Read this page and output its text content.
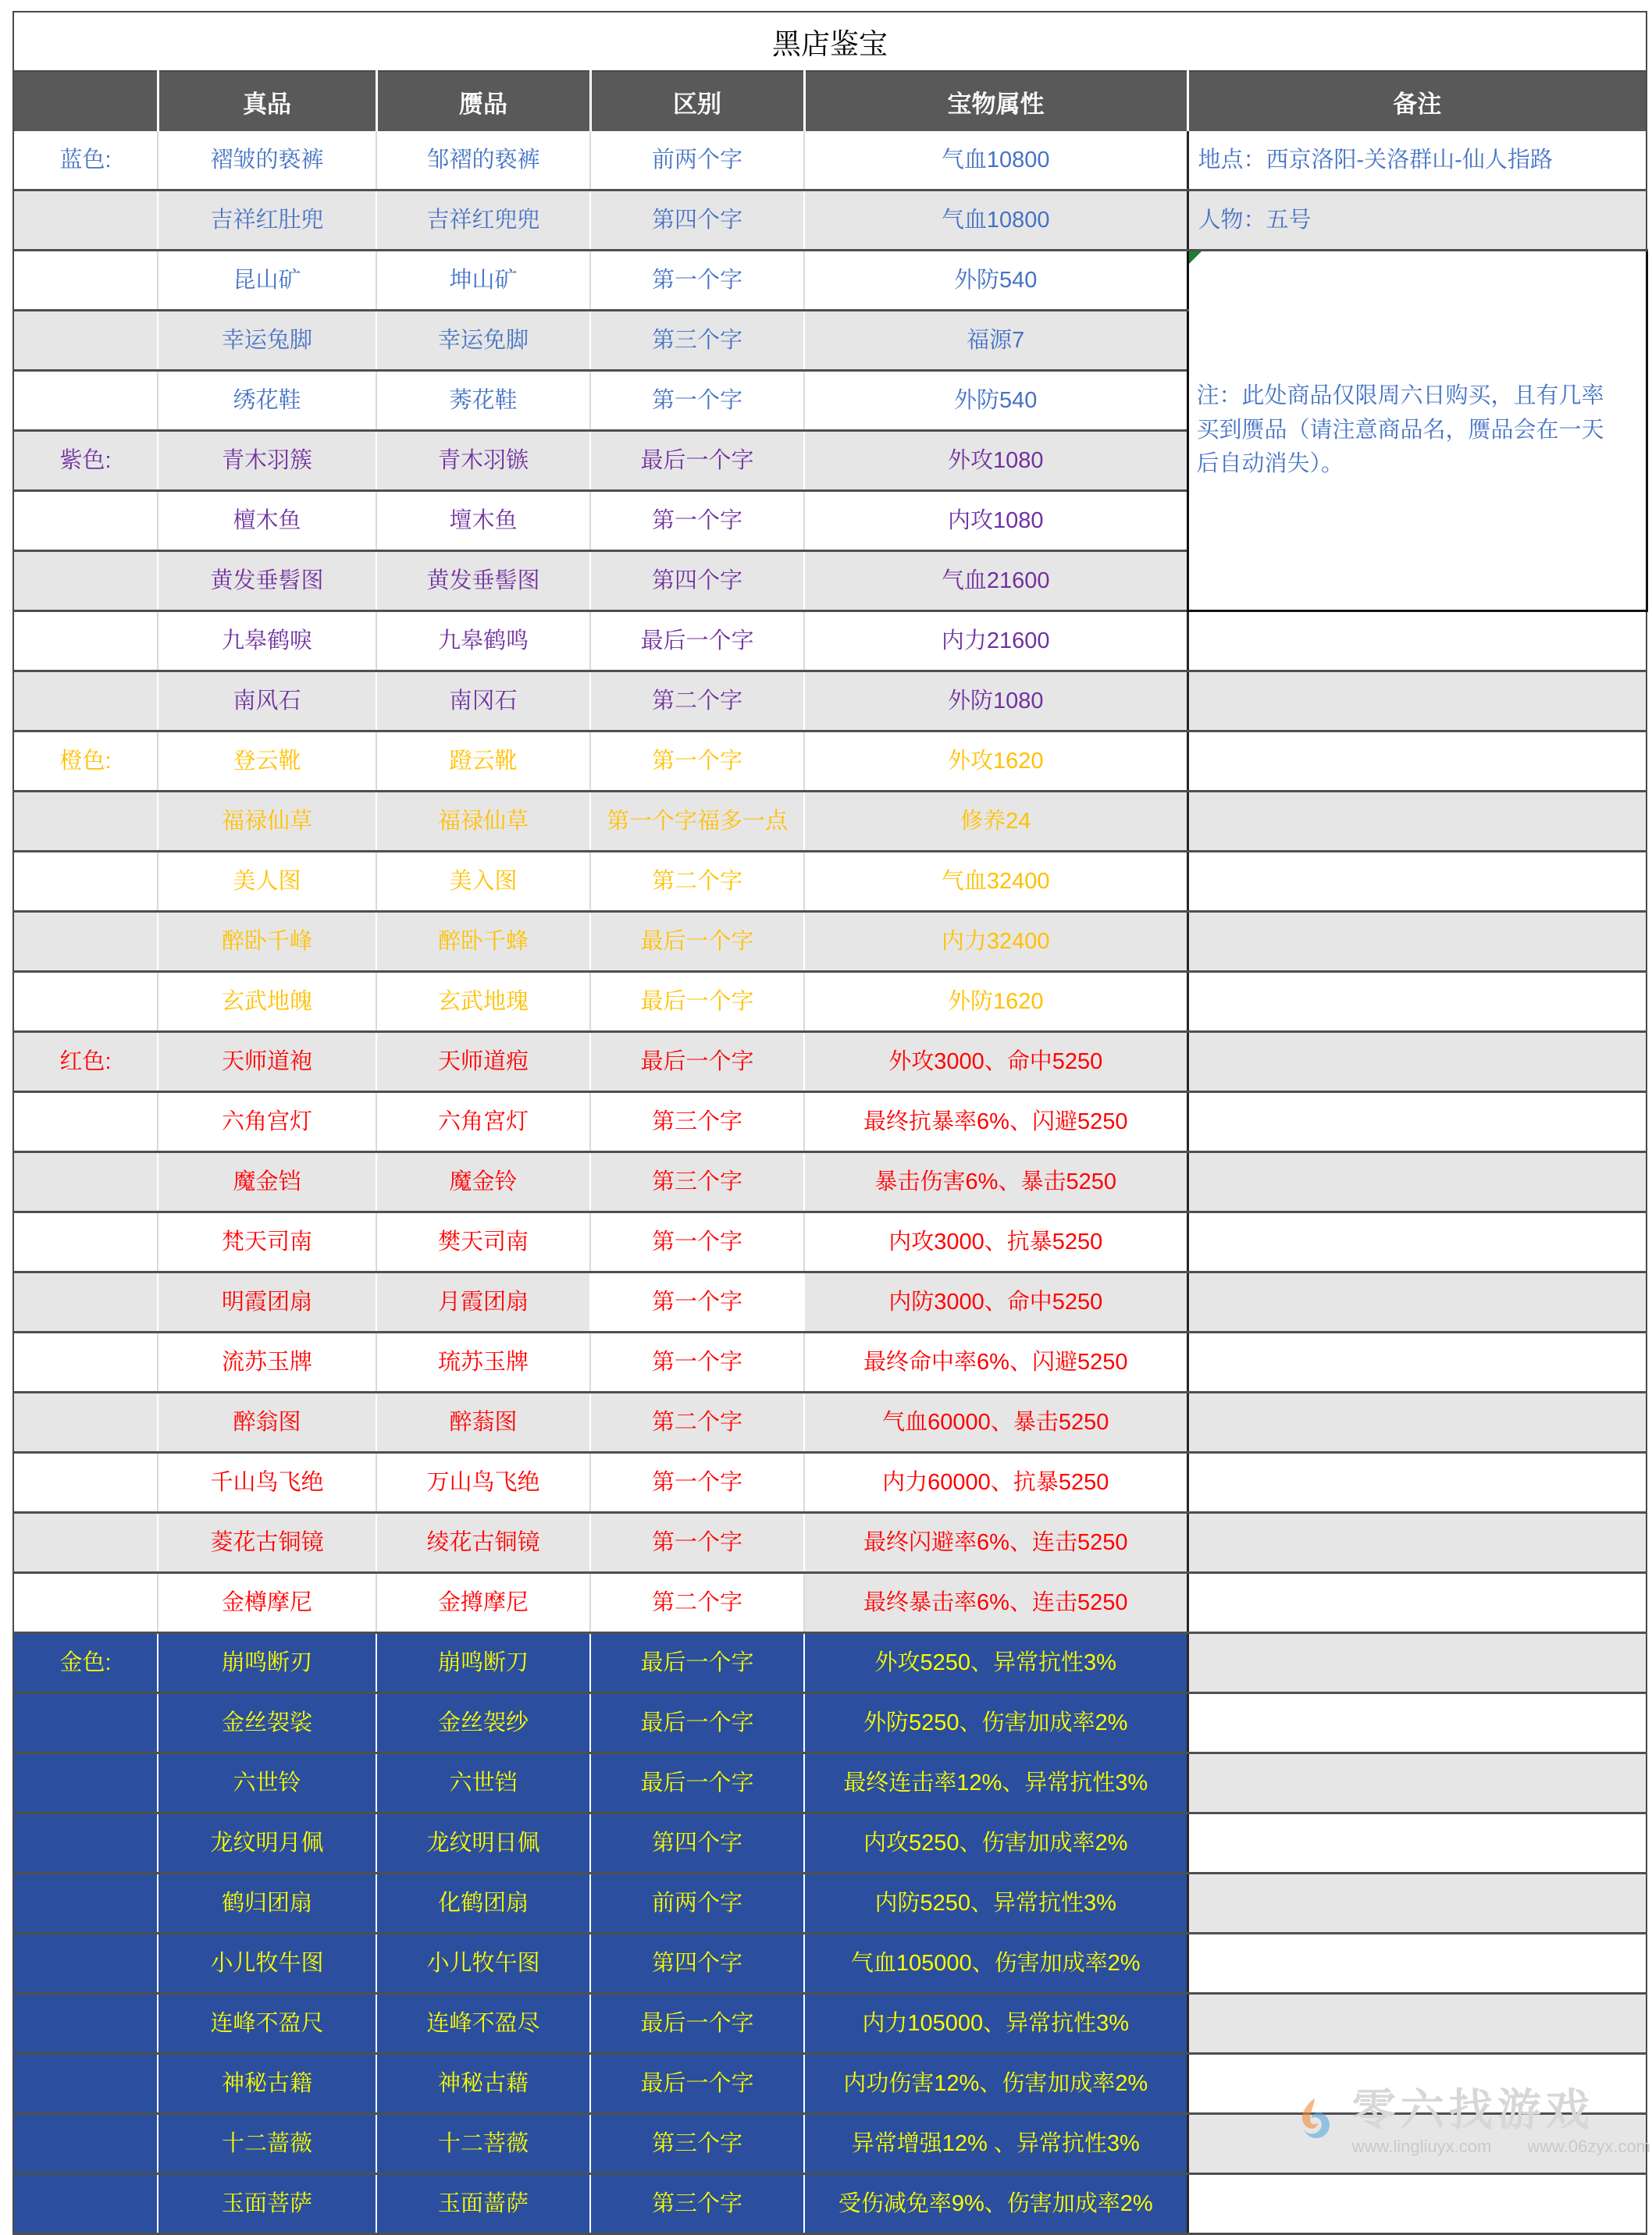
黑店鉴宝					
	真品	赝品	区别	宝物属性	备注
蓝色:	褶皱的亵裤	邹褶的亵裤	前两个字	气血10800	地点：西京洛阳-关洛群山-仙人指路
	吉祥红肚兜	吉祥红兜兜	第四个字	气血10800	人物：五号
	昆山矿	坤山矿	第一个字	外防540	注：此处商品仅限周六日购买，且有几率买到赝品（请注意商品名，赝品会在一天后自动消失）。

	幸运兔脚	幸运免脚	第三个字	福源7	
	绣花鞋	莠花鞋	第一个字	外防540	
紫色:	青木羽簇	青木羽镞	最后一个字	外攻1080	
	檀木鱼	壇木鱼	第一个字	内攻1080	
	黄发垂髫图	黄发垂髻图	第四个字	气血21600	
	九皋鹤唳	九皋鹤鸣	最后一个字	内力21600	
	南风石	南冈石	第二个字	外防1080	
橙色:	登云靴	蹬云靴	第一个字	外攻1620	
	福禄仙草	福禄仙草	第一个字福多一点	修养24	
	美人图	美入图	第二个字	气血32400	
	醉卧千峰	醉卧千蜂	最后一个字	内力32400	
	玄武地魄	玄武地瑰	最后一个字	外防1620	
红色:	天师道袍	天师道疱	最后一个字	外攻3000、命中5250	
	六角宫灯	六角宮灯	第三个字	最终抗暴率6%、闪避5250	
	魔金铛	魔金铃	第三个字	暴击伤害6%、暴击5250	
	梵天司南	樊天司南	第一个字	内攻3000、抗暴5250	
	明霞团扇	月霞团扇	第一个字	内防3000、命中5250	
	流苏玉牌	琉苏玉牌	第一个字	最终命中率6%、闪避5250	
	醉翁图	醉蓊图	第二个字	气血60000、暴击5250	
	千山鸟飞绝	万山鸟飞绝	第一个字	内力60000、抗暴5250	
	菱花古铜镜	绫花古铜镜	第一个字	最终闪避率6%、连击5250	
	金樽摩尼	金撙摩尼	第二个字	最终暴击率6%、连击5250	
金色:	崩鸣断刃	崩鸣断刀	最后一个字	外攻5250、异常抗性3%	
	金丝袈裟	金丝袈纱	最后一个字	外防5250、伤害加成率2%	
	六世铃	六世铛	最后一个字	最终连击率12%、异常抗性3%	
	龙纹明月佩	龙纹明日佩	第四个字	内攻5250、伤害加成率2%	
	鹤归团扇	化鹤团扇	前两个字	内防5250、异常抗性3%	
	小儿牧牛图	小儿牧午图	第四个字	气血105000、伤害加成率2%	
	连峰不盈尺	连峰不盈尽	最后一个字	内力105000、异常抗性3%	
	神秘古籍	神秘古藉	最后一个字	内功伤害12%、伤害加成率2%	
	十二蔷薇	十二菩薇	第三个字	异常增强12% 、异常抗性3%	
	玉面菩萨	玉面蔷萨	第三个字	受伤减免率9%、伤害加成率2%	
零六找游戏
www.lingliuyx.com www.06zyx.com
